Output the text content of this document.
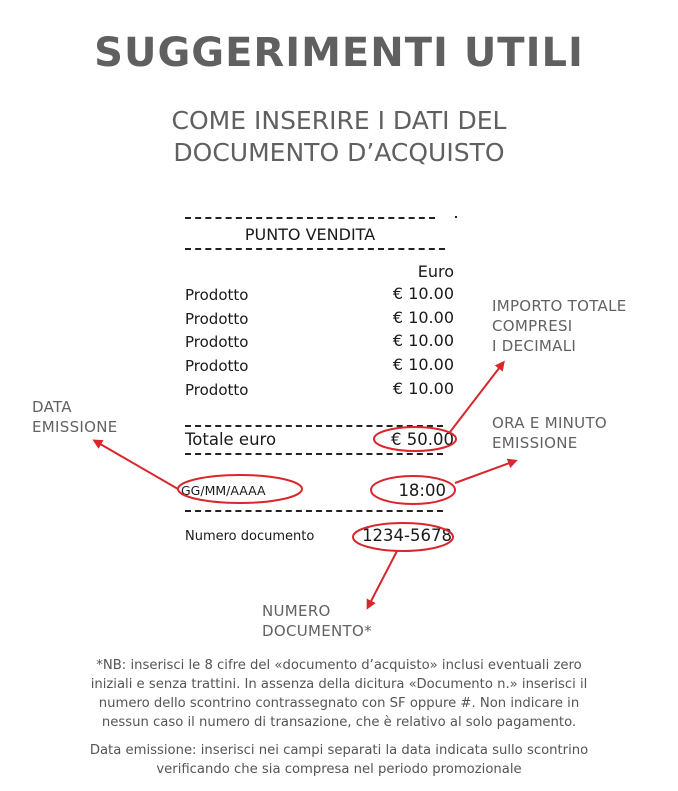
SUGGERIMENTI UTILI
COME INSERIRE I DATI DEL
DOCUMENTO D’ACQUISTO
PUNTO VENDITA
Euro
Prodotto	€ 10.00
Prodotto	€ 10.00
Prodotto	€ 10.00
Prodotto	€ 10.00
Prodotto	€ 10.00
Totale euro	€ 50.00
GG/MM/AAAA	18:00
Numero documento	1234-5678
IMPORTO TOTALE
COMPRESI
I DECIMALI
DATA
EMISSIONE	ORA E MINUTO
EMISSIONE
NUMERO
DOCUMENTO*
*NB: inserisci le 8 cifre del «documento d’acquisto» inclusi eventuali zero
iniziali e senza trattini. In assenza della dicitura «Documento n.» inserisci il
numero dello scontrino contrassegnato con SF oppure #. Non indicare in
nessun caso il numero di transazione, che è relativo al solo pagamento.
Data emissione: inserisci nei campi separati la data indicata sullo scontrino
verificando che sia compresa nel periodo promozionale
